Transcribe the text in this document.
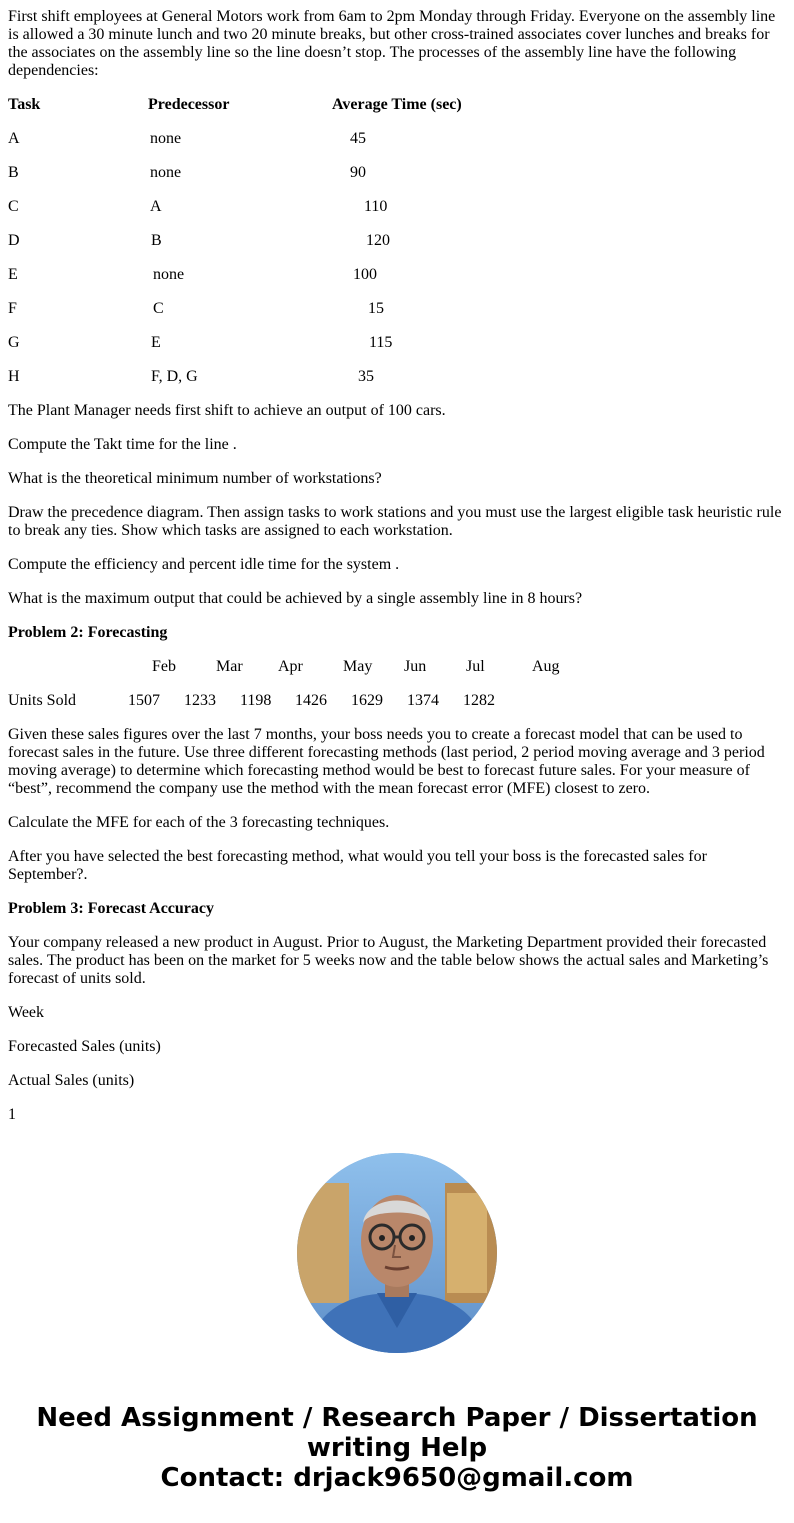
First shift employees at General Motors work from 6am to 2pm Monday through Friday. Everyone on the assembly line is allowed a 30 minute lunch and two 20 minute breaks, but other cross-trained associates cover lunches and breaks for the associates on the assembly line so the line doesn’t stop. The processes of the assembly line have the following dependencies:

Task	Predecessor	Average Time (sec)
A	none	45
B	none	90
C	A	110
D	B	120
E	none	100
F	C	15
G	E	115
H	F, D, G	35

The Plant Manager needs first shift to achieve an output of 100 cars.

Compute the Takt time for the line .

What is the theoretical minimum number of workstations?

Draw the precedence diagram. Then assign tasks to work stations and you must use the largest eligible task heuristic rule to break any ties. Show which tasks are assigned to each workstation.

Compute the efficiency and percent idle time for the system .

What is the maximum output that could be achieved by a single assembly line in 8 hours?

Problem 2: Forecasting

Feb	Mar Apr	May Jun Jul	Aug
Units Sold	1507 1233 1198 1426 1629 1374 1282

Given these sales figures over the last 7 months, your boss needs you to create a forecast model that can be used to forecast sales in the future. Use three different forecasting methods (last period, 2 period moving average and 3 period moving average) to determine which forecasting method would be best to forecast future sales. For your measure of “best”, recommend the company use the method with the mean forecast error (MFE) closest to zero.

Calculate the MFE for each of the 3 forecasting techniques.

After you have selected the best forecasting method, what would you tell your boss is the forecasted sales for September?.

Problem 3: Forecast Accuracy

Your company released a new product in August. Prior to August, the Marketing Department provided their forecasted sales. The product has been on the market for 5 weeks now and the table below shows the actual sales and Marketing’s forecast of units sold.

Week

Forecasted Sales (units)

Actual Sales (units)

1

Need Assignment / Research Paper / Dissertation
writing Help
Contact: drjack9650@gmail.com
